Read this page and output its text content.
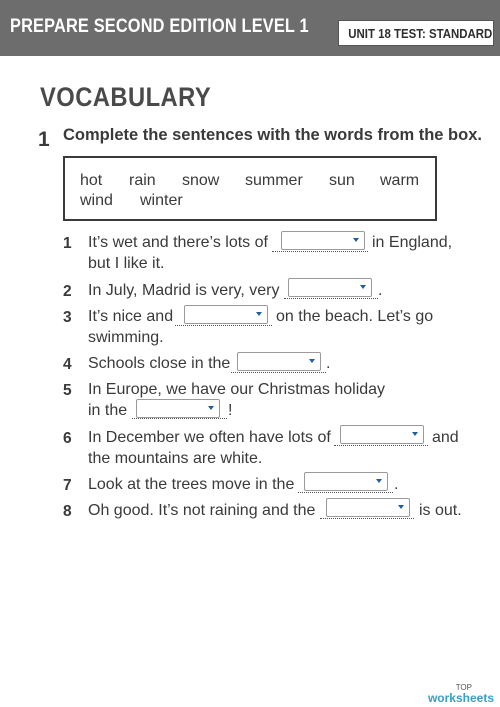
PREPARE SECOND EDITION LEVEL 1	UNIT 18 TEST: STANDARD
VOCABULARY
1 Complete the sentences with the words from the box.
hot rain snow summer sun warm
wind winter
1 It’s wet and there’s lots of	in England,
but I like it.
2 In July, Madrid is very, very	.
3 It’s nice and	on the beach. Let’s go
swimming.
4 Schools close in the	.
5 In Europe, we have our Christmas holiday
in the	!
6 In December we often have lots of	and
the mountains are white.
7 Look at the trees move in the	.
8 Oh good. It’s not raining and the	is out.
TOP
worksheets
